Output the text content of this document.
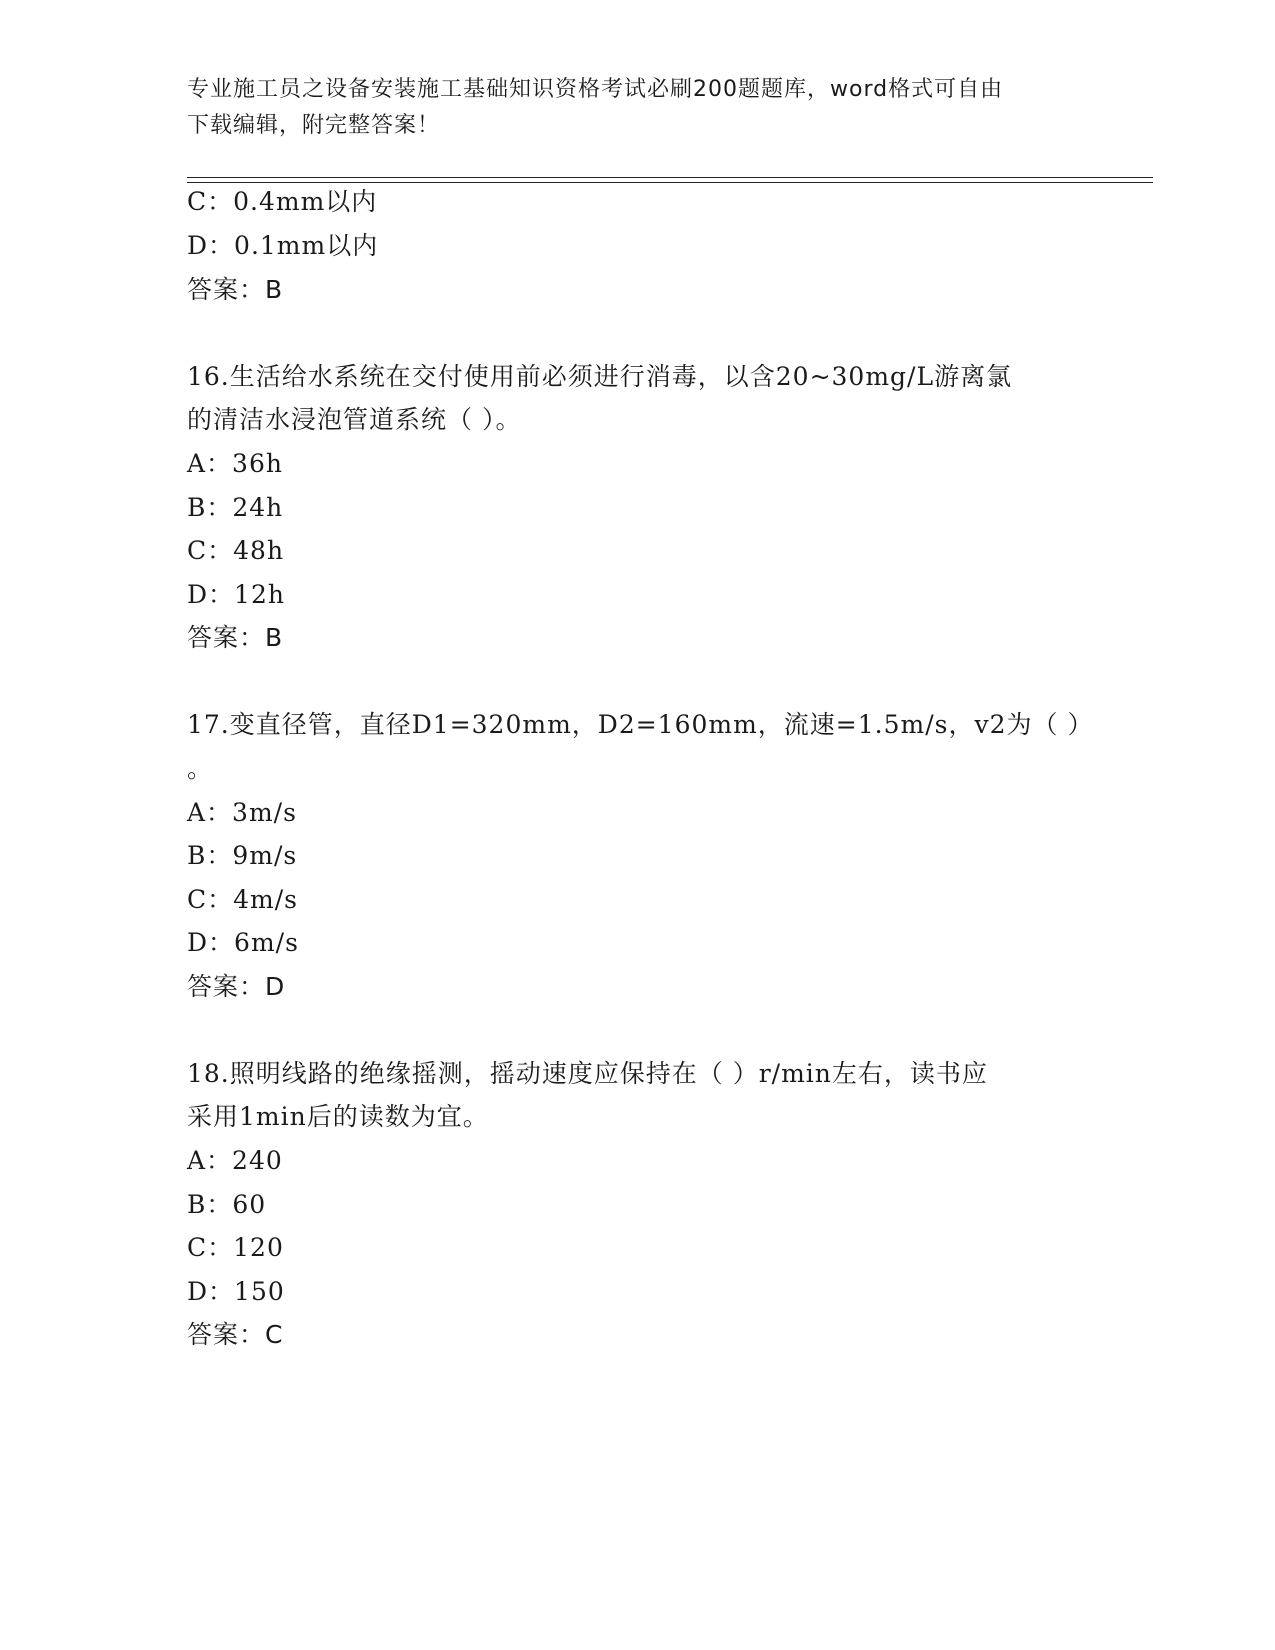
专业施工员之设备安装施工基础知识资格考试必刷200题题库，word格式可自由
下载编辑，附完整答案！
C：0.4mm以内
D：0.1mm以内
答案：B
16.生活给水系统在交付使用前必须进行消毒，以含20~30mg/L游离氯
的清洁水浸泡管道系统（ ）。
A：36h
B：24h
C：48h
D：12h
答案：B
17.变直径管，直径D1=320mm，D2=160mm，流速=1.5m/s，v2为（ ）
。
A：3m/s
B：9m/s
C：4m/s
D：6m/s
答案：D
18.照明线路的绝缘摇测，摇动速度应保持在（ ）r/min左右，读书应
采用1min后的读数为宜。
A：240
B：60
C：120
D：150
答案：C
